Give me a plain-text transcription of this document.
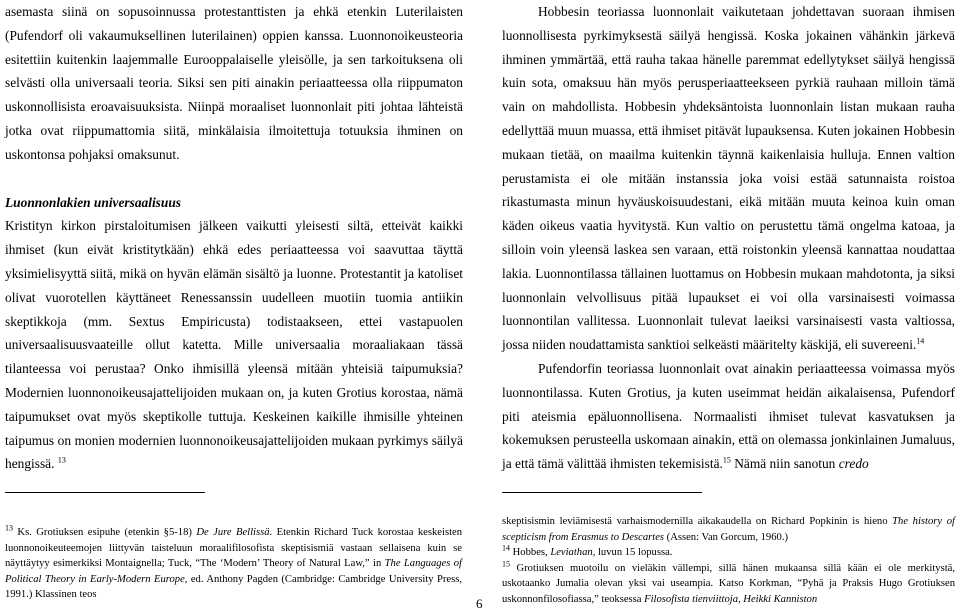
asemasta siinä on sopusoinnussa protestanttisten ja ehkä etenkin Luterilaisten (Pufendorf oli vakaumuksellinen luterilainen) oppien kanssa. Luonnonoikeusteoria esitettiin kuitenkin laajemmalle Eurooppalaiselle yleisölle, ja sen tarkoituksena oli selvästi olla universaali teoria. Siksi sen piti ainakin periaatteessa olla riippumaton uskonnollisista eroavaisuuksista. Niinpä moraaliset luonnonlait piti johtaa lähteistä jotka ovat riippumattomia siitä, minkälaisia ilmoitettuja totuuksia ihminen on uskontonsa pohjaksi omaksunut.

Luonnonlakien universaalisuus

Kristityn kirkon pirstaloitumisen jälkeen vaikutti yleisesti siltä, etteivät kaikki ihmiset (kun eivät kristitytkään) ehkä edes periaatteessa voi saavuttaa täyttä yksimielisyyttä siitä, mikä on hyvän elämän sisältö ja luonne. Protestantit ja katoliset olivat vuorotellen käyttäneet Renessanssin uudelleen muotiin tuomia antiikin skeptikkoja (mm. Sextus Empiricusta) todistaakseen, ettei vastapuolen universaalisuusvaateille ollut katetta. Mille universaalia moraaliakaan tässä tilanteessa voi perustaa? Onko ihmisillä yleensä mitään yhteisiä taipumuksia? Modernien luonnonoikeusajattelijoiden mukaan on, ja kuten Grotius korostaa, nämä taipumukset ovat myös skeptikolle tuttuja. Keskeinen kaikille ihmisille yhteinen taipumus on monien modernien luonnonoikeusajattelijoiden mukaan pyrkimys säilyä hengissä. $^{13}$

Hobbesin teoriassa luonnonlait vaikutetaan johdettavan suoraan ihmisen luonnollisesta pyrkimyksestä säilyä hengissä. Koska jokainen vähänkin järkevä ihminen ymmärtää, että rauha takaa hänelle paremmat edellytykset säilyä hengissä kuin sota, omaksuu hän myös perusperiaatteekseen pyrkiä rauhaan milloin tämä vain on mahdollista. Hobbesin yhdeksäntoista luonnonlain listan mukaan rauha edellyttää muun muassa, että ihmiset pitävät lupauksensa. Kuten jokainen Hobbesin mukaan tietää, on maailma kuitenkin täynnä kaikenlaisia hulluja. Ennen valtion perustamista ei ole mitään instanssia joka voisi estää satunnaista roistoa rikastumasta minun hyväuskoisuudestani, eikä mitään muuta keinoa kuin oman käden oikeus vaatia hyvitystä. Kun valtio on perustettu tämä ongelma katoaa, ja silloin voin yleensä laskea sen varaan, että roistonkin yleensä kannattaa noudattaa lakia. Luonnontilassa tällainen luottamus on Hobbesin mukaan mahdotonta, ja siksi luonnonlain velvollisuus pitää lupaukset ei voi olla varsinaisesti voimassa luonnontilan vallitessa. Luonnonlait tulevat laeiksi varsinaisesti vasta valtiossa, jossa niiden noudattamista sanktioi selkeästi määritelty käskijä, eli suvereeni.$^{14}$

Pufendorfin teoriassa luonnonlait ovat ainakin periaatteessa voimassa myös luonnontilassa. Kuten Grotius, ja kuten useimmat heidän aikalaisensa, Pufendorf piti ateismia epäluonnollisena. Normaalisti ihmiset tulevat kasvatuksen ja kokemuksen perusteella uskomaan ainakin, että on olemassa jonkinlainen Jumaluus, ja että tämä välittää ihmisten tekemisistä.$^{15}$ Nämä niin sanotun credo

$^{13}$ Ks. Grotiuksen esipuhe (etenkin §5-18) De Jure Bellissä. Etenkin Richard Tuck korostaa keskeisten luonnonoikeuteemojen liittyvän taisteluun moraalifilosofista skeptisismiä vastaan sellaisena kuin se näyttäytyy esimerkiksi Montaignella; Tuck, “The ‘Modern’ Theory of Natural Law,” in The Languages of Political Theory in Early-Modern Europe, ed. Anthony Pagden (Cambridge: Cambridge University Press, 1991.) Klassinen teos

skeptisismin leviämisestä varhaismodernilla aikakaudella on Richard Popkinin is hieno The history of scepticism from Erasmus to Descartes (Assen: Van Gorcum, 1960.)

$^{14}$ Hobbes, Leviathan, luvun 15 lopussa.

$^{15}$ Grotiuksen muotoilu on vieläkin vällempi, sillä hänen mukaansa sillä kään ei ole merkitystä, uskotaanko Jumalia olevan yksi vai useampia. Katso Korkman, “Pyhä ja Praksis Hugo Grotiuksen uskonnonfilosofiassa,” teoksessa Filosofista tienviittoja, Heikki Kanniston

6
